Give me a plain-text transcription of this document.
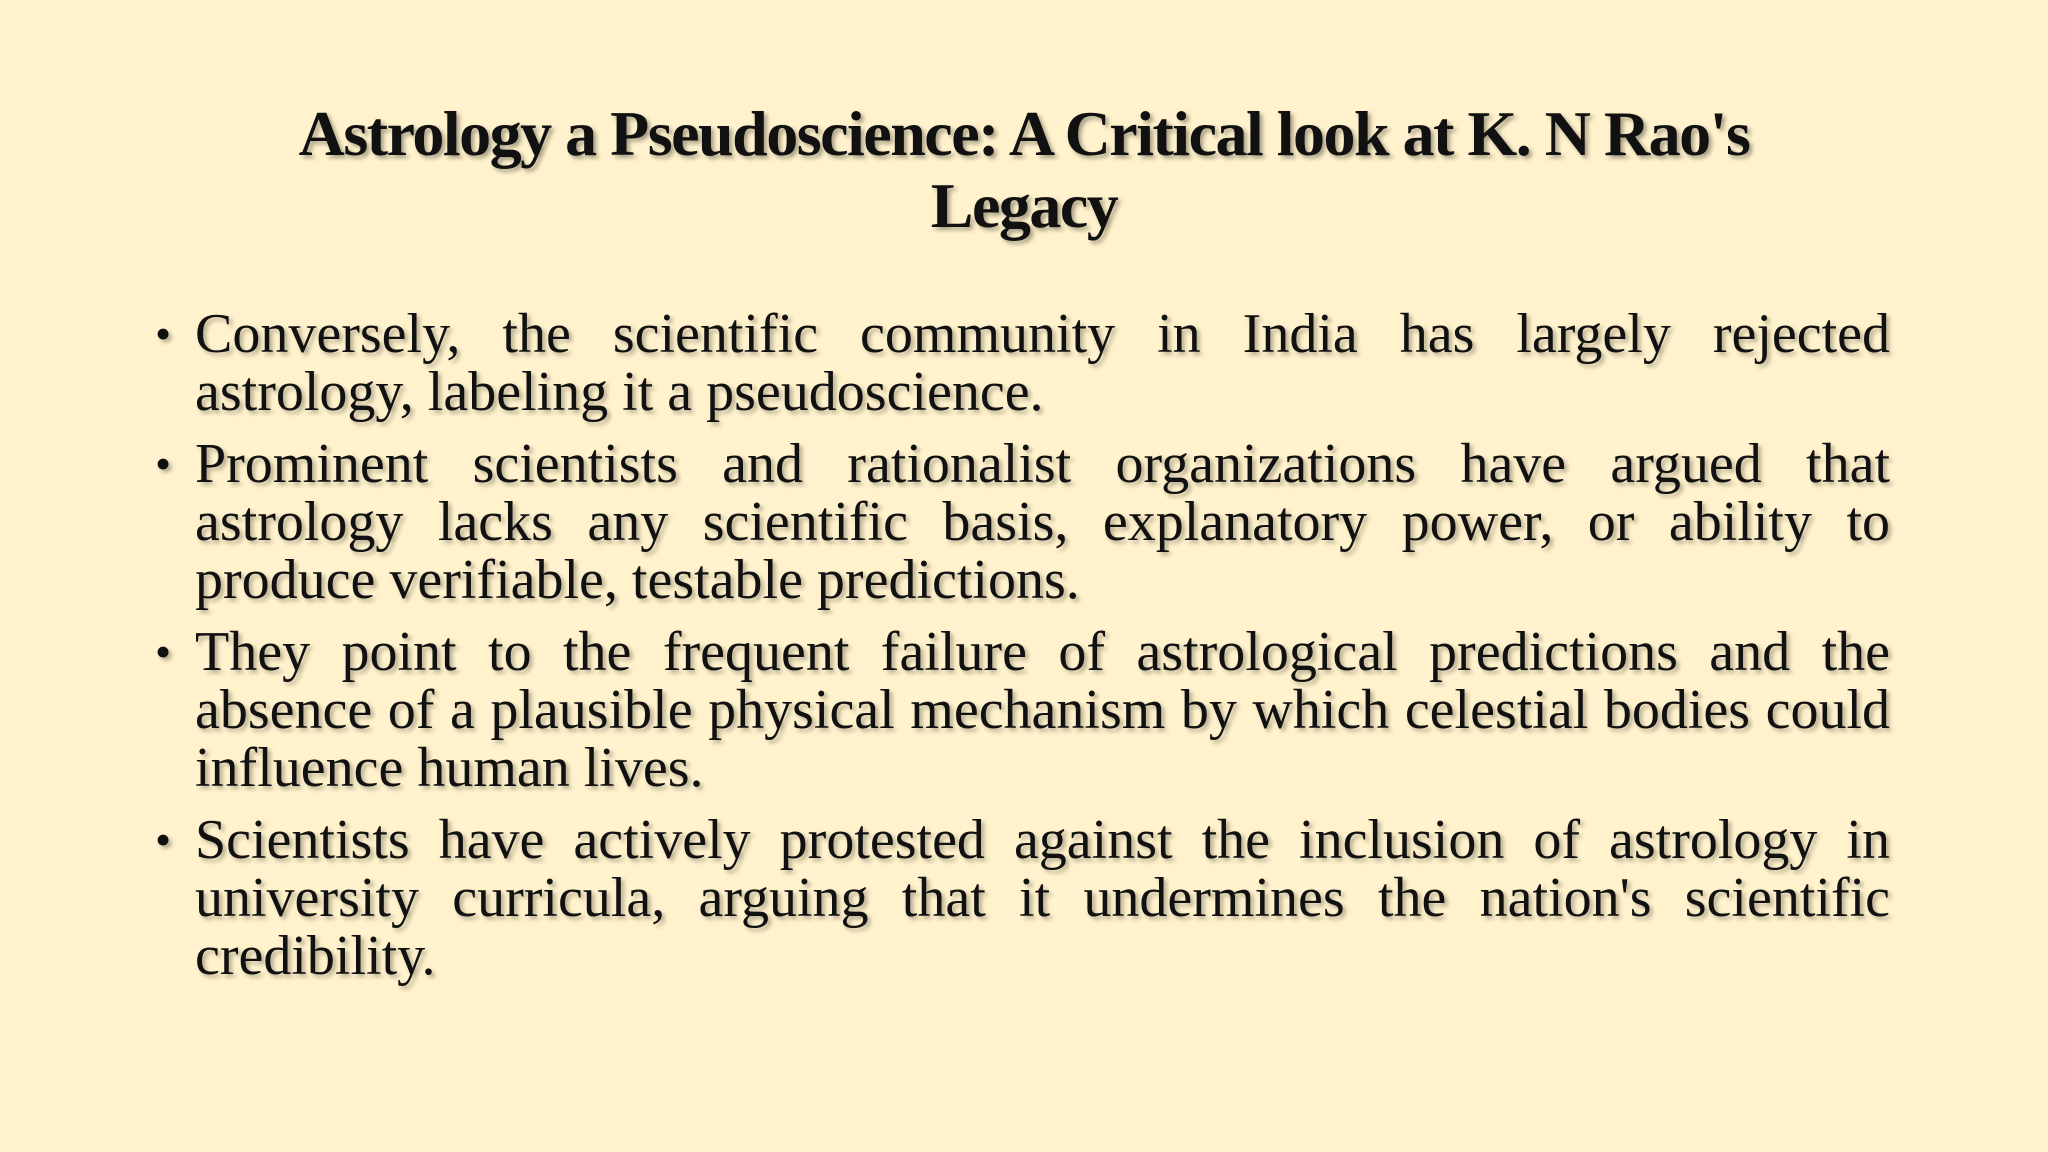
Astrology a Pseudoscience: A Critical look at K. N Rao's Legacy
• Conversely, the scientific community in India has largely rejected astrology, labeling it a pseudoscience.
• Prominent scientists and rationalist organizations have argued that astrology lacks any scientific basis, explanatory power, or ability to produce verifiable, testable predictions.
• They point to the frequent failure of astrological predictions and the absence of a plausible physical mechanism by which celestial bodies could influence human lives.
• Scientists have actively protested against the inclusion of astrology in university curricula, arguing that it undermines the nation's scientific credibility.
